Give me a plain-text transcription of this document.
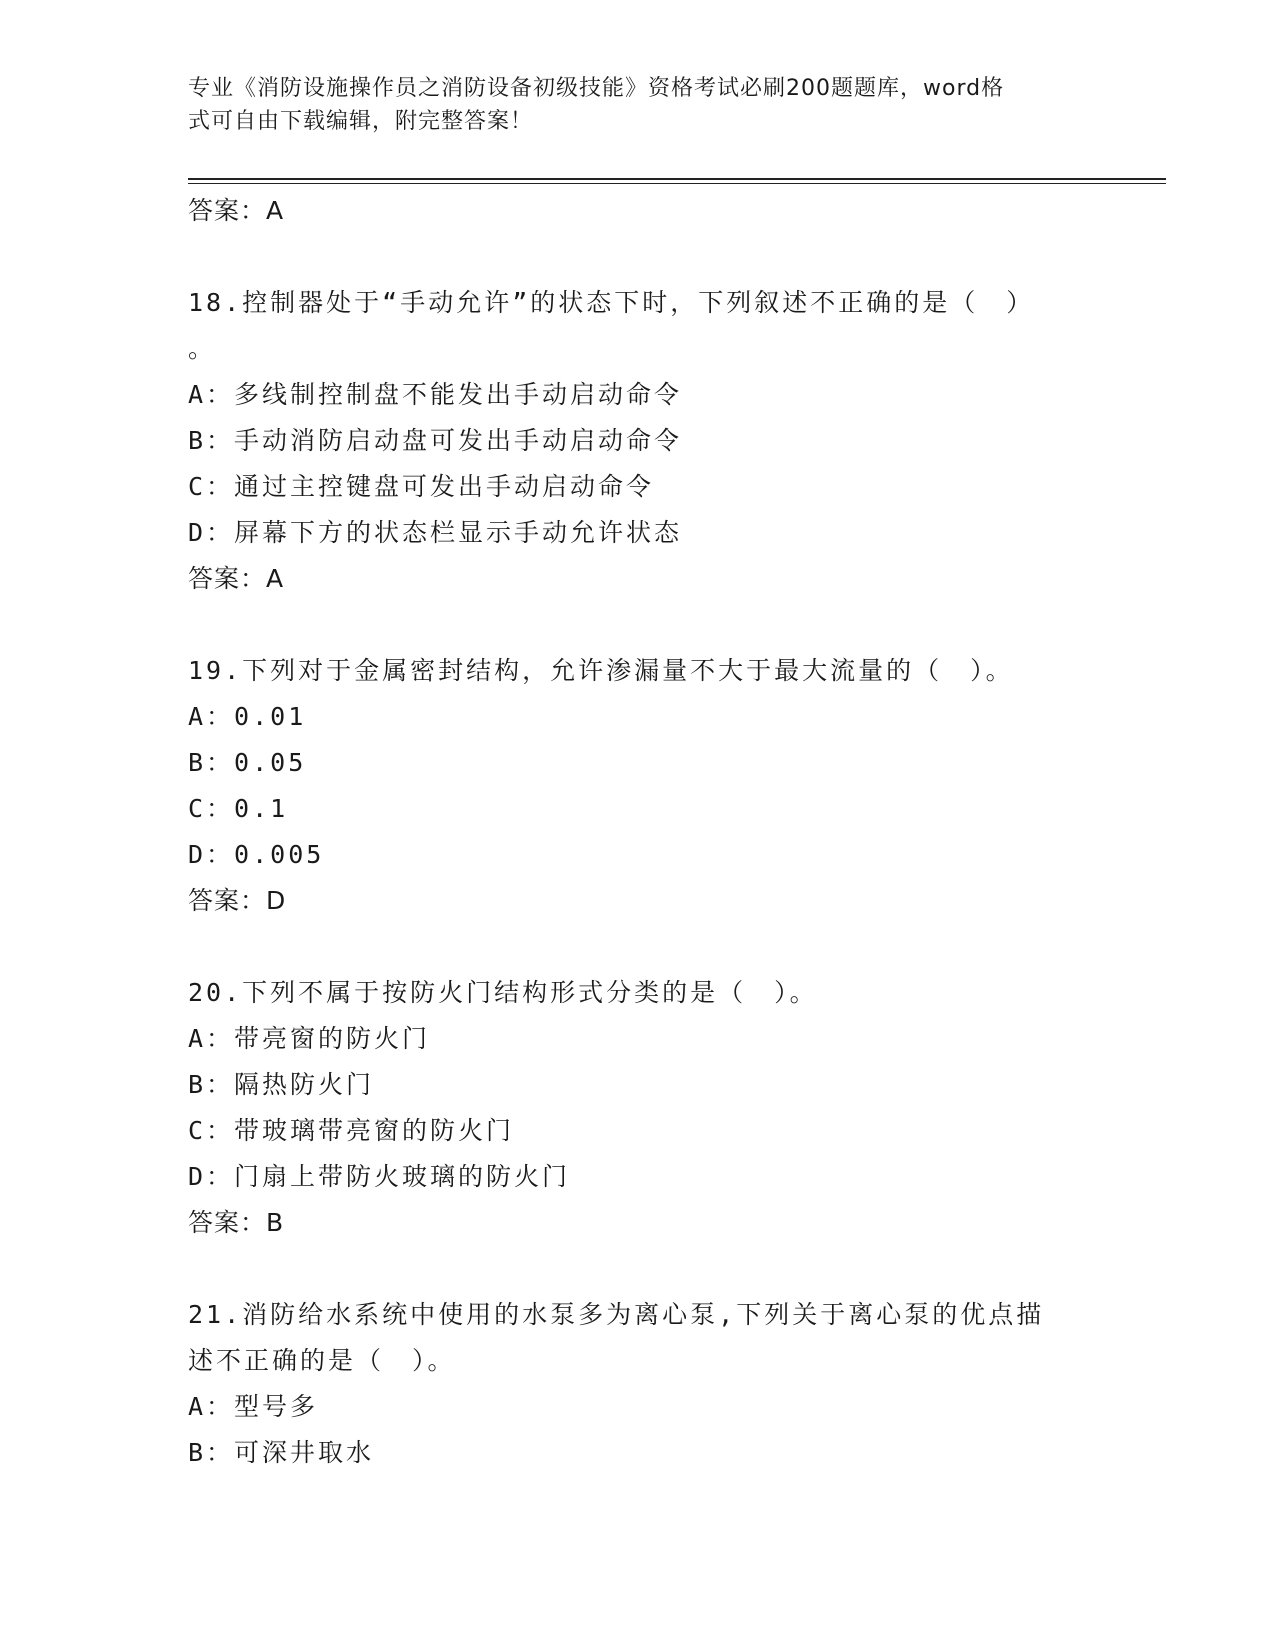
专业《消防设施操作员之消防设备初级技能》资格考试必刷200题题库，word格
式可自由下载编辑，附完整答案！
答案：A
18.控制器处于“手动允许”的状态下时，下列叙述不正确的是（　）
。
A：多线制控制盘不能发出手动启动命令
B：手动消防启动盘可发出手动启动命令
C：通过主控键盘可发出手动启动命令
D：屏幕下方的状态栏显示手动允许状态
答案：A
19.下列对于金属密封结构，允许渗漏量不大于最大流量的（　）。
A：0.01
B：0.05
C：0.1
D：0.005
答案：D
20.下列不属于按防火门结构形式分类的是（　）。
A：带亮窗的防火门
B：隔热防火门
C：带玻璃带亮窗的防火门
D：门扇上带防火玻璃的防火门
答案：B
21.消防给水系统中使用的水泵多为离心泵,下列关于离心泵的优点描
述不正确的是（　）。
A：型号多
B：可深井取水
